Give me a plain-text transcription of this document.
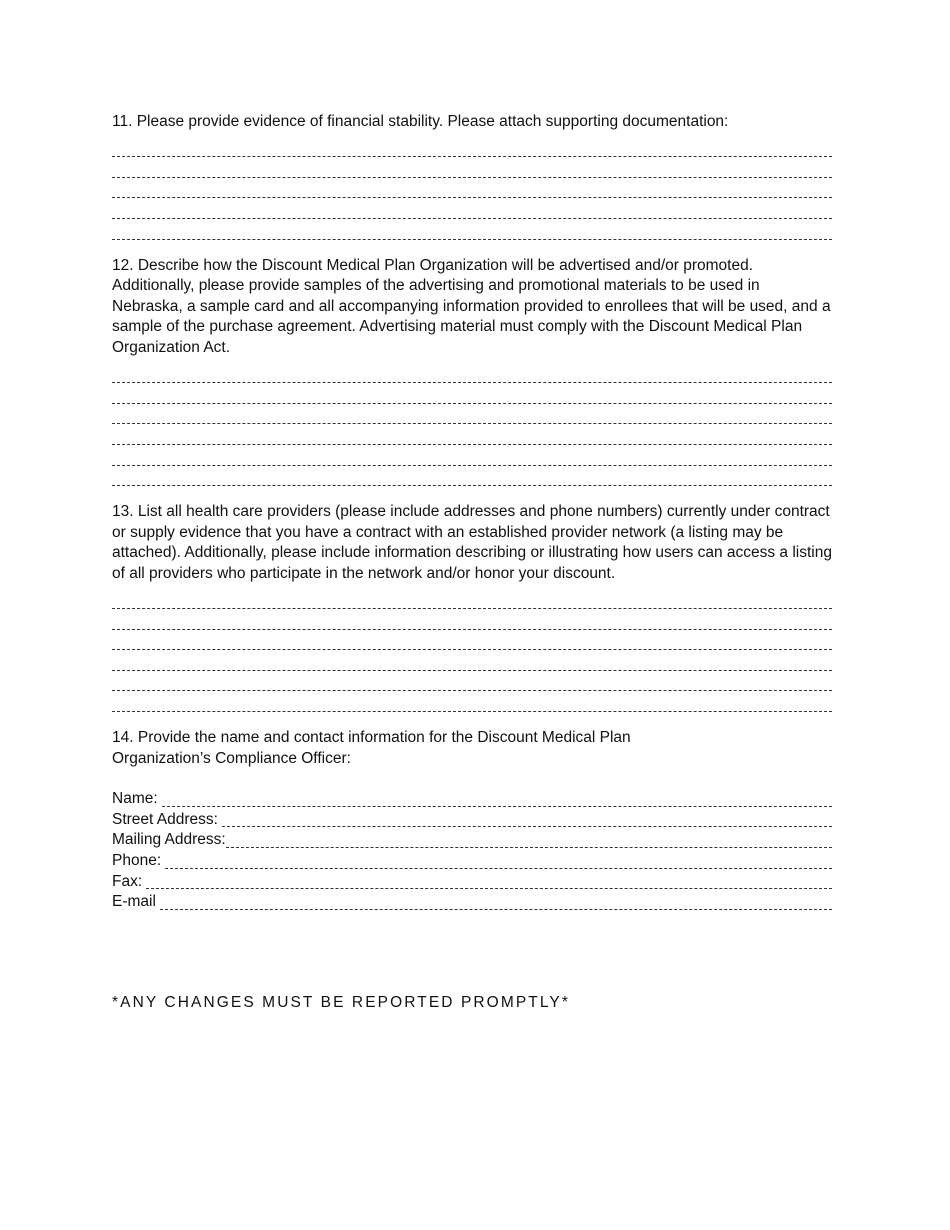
11. Please provide evidence of financial stability. Please attach supporting documentation:

12. Describe how the Discount Medical Plan Organization will be advertised and/or promoted. Additionally, please provide samples of the advertising and promotional materials to be used in Nebraska, a sample card and all accompanying information provided to enrollees that will be used, and a sample of the purchase agreement. Advertising material must comply with the Discount Medical Plan Organization Act.

13. List all health care providers (please include addresses and phone numbers) currently under contract or supply evidence that you have a contract with an established provider network (a listing may be attached). Additionally, please include information describing or illustrating how users can access a listing of all providers who participate in the network and/or honor your discount.

14. Provide the name and contact information for the Discount Medical Plan Organization’s Compliance Officer:

Name:
Street Address:
Mailing Address:
Phone:
Fax:
E-mail
*ANY CHANGES MUST BE REPORTED PROMPTLY*
